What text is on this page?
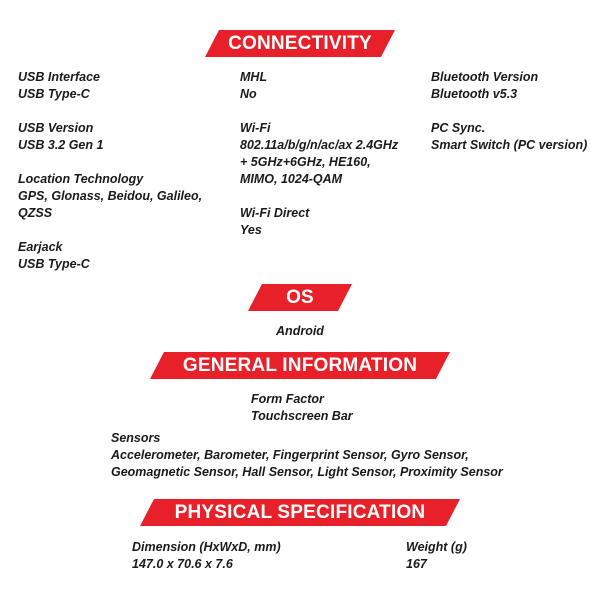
CONNECTIVITY
USB Interface
USB Type-C
USB Version
USB 3.2 Gen 1
Location Technology
GPS, Glonass, Beidou, Galileo,
QZSS
Earjack
USB Type-C
MHL
No
Wi-Fi
802.11a/b/g/n/ac/ax 2.4GHz
+ 5GHz+6GHz, HE160,
MIMO, 1024-QAM
Wi-Fi Direct
Yes
Bluetooth Version
Bluetooth v5.3
PC Sync.
Smart Switch (PC version)
OS
Android
GENERAL INFORMATION
Form Factor
Touchscreen Bar
Sensors
Accelerometer, Barometer, Fingerprint Sensor, Gyro Sensor,
Geomagnetic Sensor, Hall Sensor, Light Sensor, Proximity Sensor
PHYSICAL SPECIFICATION
Dimension (HxWxD, mm)
147.0 x 70.6 x 7.6
Weight (g)
167
